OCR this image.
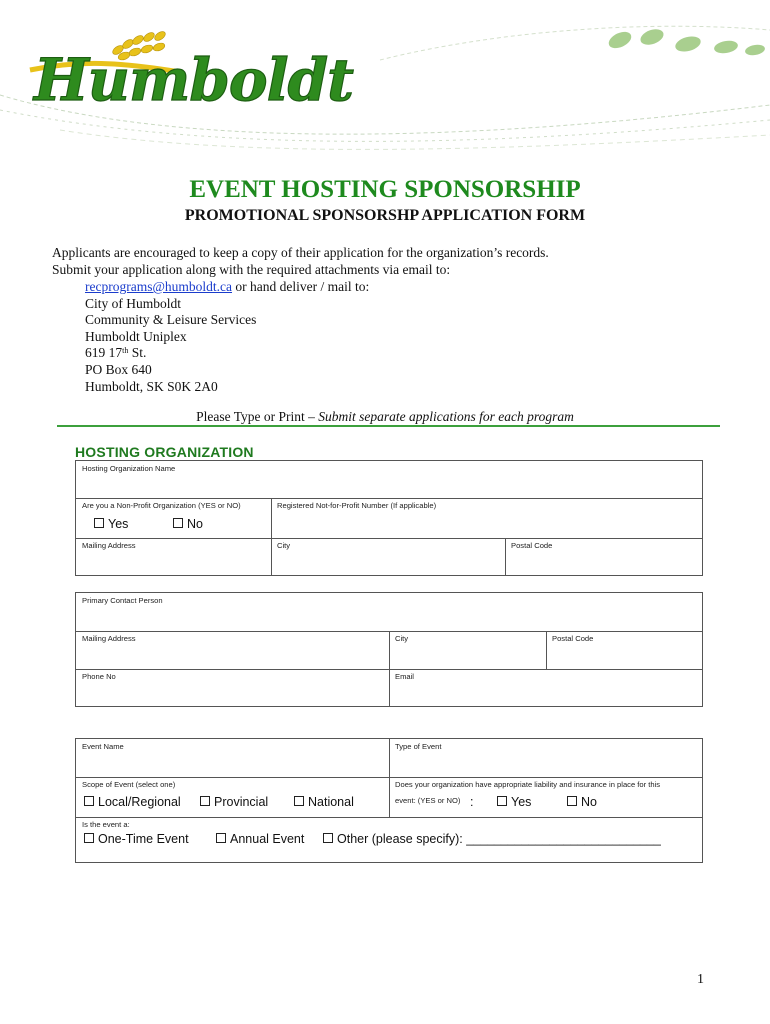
Humboldt
EVENT HOSTING SPONSORSHIP
PROMOTIONAL SPONSORSHP APPLICATION FORM
Applicants are encouraged to keep a copy of their application for the organization’s records.
Submit your application along with the required attachments via email to:
recprograms@humboldt.ca or hand deliver / mail to:
City of Humboldt
Community & Leisure Services
Humboldt Uniplex
619 17th St.
PO Box 640
Humboldt, SK S0K 2A0
Please Type or Print – Submit separate applications for each program
HOSTING ORGANIZATION
Hosting Organization Name
Are you a Non-Profit Organization (YES or NO)	Registered Not-for-Profit Number (If applicable)
Yes	No
Mailing Address	City	Postal Code
Primary Contact Person
Mailing Address	City	Postal Code
Phone No	Email
Event Name	Type of Event
Scope of Event (select one)	Does your organization have appropriate liability and insurance in place for this
event: (YES or NO)
Local/Regional	Provincial	National	:	Yes	No
Is the event a:
One-Time Event	Annual Event	Other (please specify): ____________________________
1
